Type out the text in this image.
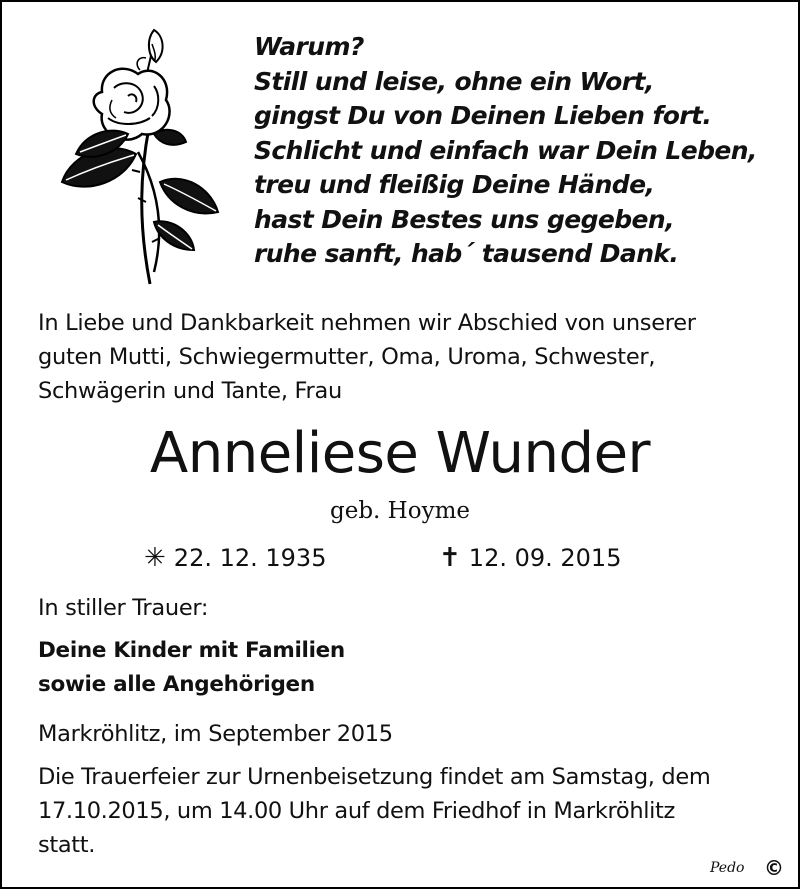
Warum?
Still und leise, ohne ein Wort,
gingst Du von Deinen Lieben fort.
Schlicht und einfach war Dein Leben,
treu und fleißig Deine Hände,
hast Dein Bestes uns gegeben,
ruhe sanft, hab´ tausend Dank.
In Liebe und Dankbarkeit nehmen wir Abschied von unserer
guten Mutti, Schwiegermutter, Oma, Uroma, Schwester,
Schwägerin und Tante, Frau
Anneliese Wunder
geb. Hoyme
✳ 22. 12. 1935	✝ 12. 09. 2015
In stiller Trauer:
Deine Kinder mit Familien
sowie alle Angehörigen
Markröhlitz, im September 2015
Die Trauerfeier zur Urnenbeisetzung findet am Samstag, dem
17.10.2015, um 14.00 Uhr auf dem Friedhof in Markröhlitz
statt.
Pedo ©
